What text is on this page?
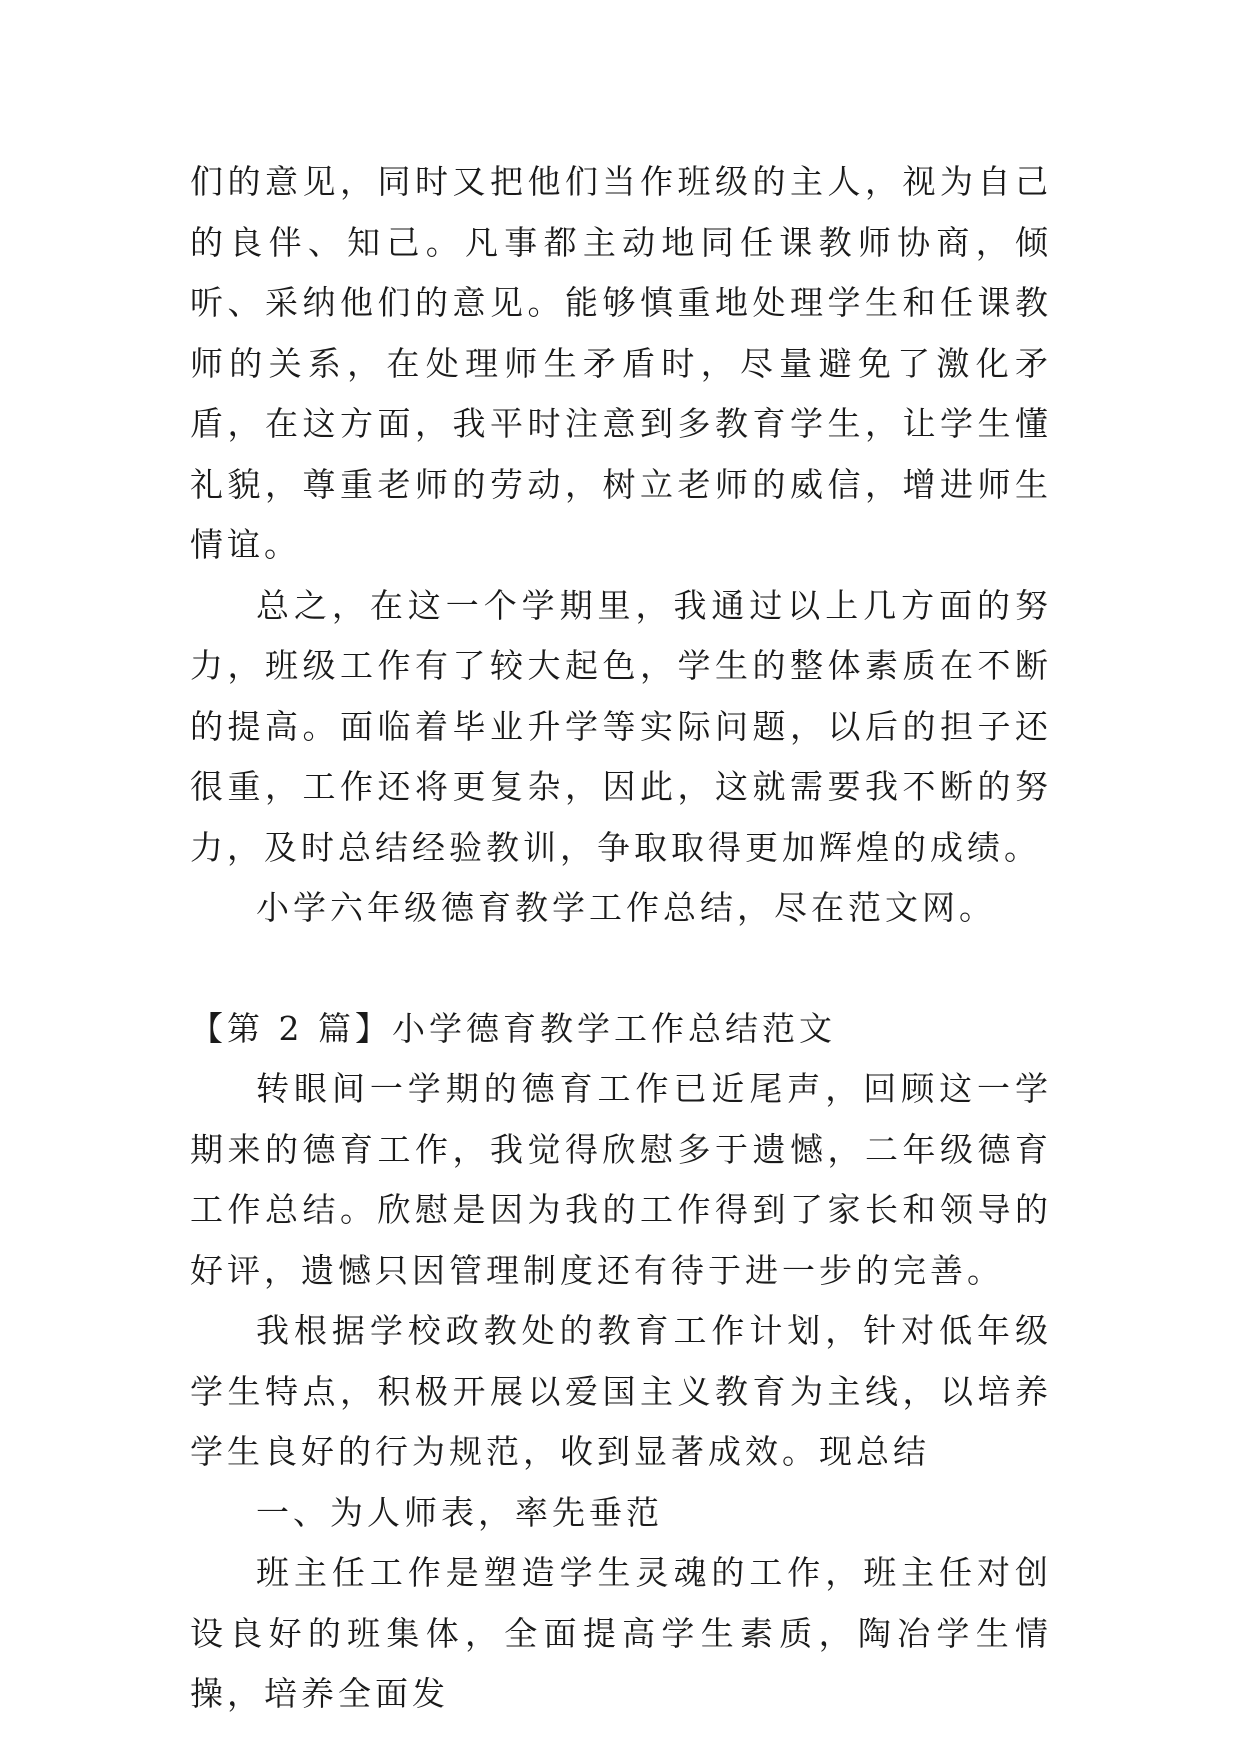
们的意见，同时又把他们当作班级的主人，视为自己的良伴、知己。凡事都主动地同任课教师协商，倾听、采纳他们的意见。能够慎重地处理学生和任课教师的关系，在处理师生矛盾时，尽量避免了激化矛盾，在这方面，我平时注意到多教育学生，让学生懂礼貌，尊重老师的劳动，树立老师的威信，增进师生情谊。

总之，在这一个学期里，我通过以上几方面的努力，班级工作有了较大起色，学生的整体素质在不断的提高。面临着毕业升学等实际问题，以后的担子还很重，工作还将更复杂，因此，这就需要我不断的努力，及时总结经验教训，争取取得更加辉煌的成绩。

小学六年级德育教学工作总结，尽在范文网。

【第 2 篇】小学德育教学工作总结范文

转眼间一学期的德育工作已近尾声，回顾这一学期来的德育工作，我觉得欣慰多于遗憾，二年级德育工作总结。欣慰是因为我的工作得到了家长和领导的好评，遗憾只因管理制度还有待于进一步的完善。

我根据学校政教处的教育工作计划，针对低年级学生特点，积极开展以爱国主义教育为主线，以培养学生良好的行为规范，收到显著成效。现总结

一、为人师表，率先垂范

班主任工作是塑造学生灵魂的工作，班主任对创设良好的班集体，全面提高学生素质，陶冶学生情操，培养全面发
